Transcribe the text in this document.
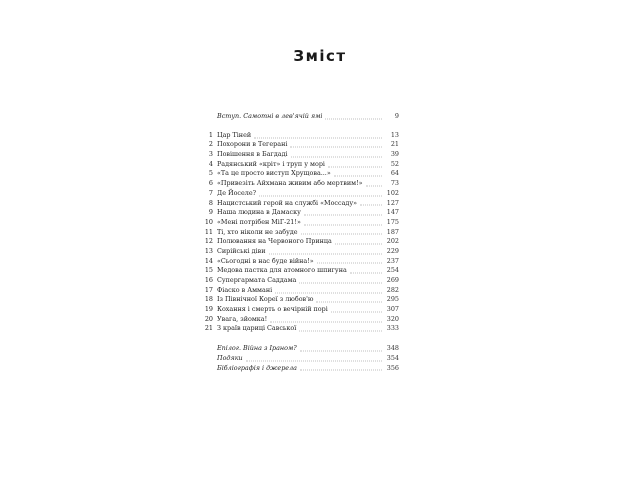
Зміст
Вступ. Самотні в лев'ячій ямі	9
1 Цар Тіней	13
2 Похорони в Тегерані	21
3 Повішення в Багдаді	39
4 Радянський «кріт» і труп у морі	52
5 «Та це просто виступ Хрущова...»	64
6 «Привезіть Айхмана живим або мертвим!»	73
7 Де Йоселе?	102
8 Нацистський герой на службі «Моссаду»	127
9 Наша людина в Дамаску	147
10 «Мені потрібен МіГ-21!»	175
11 Ті, хто ніколи не забуде	187
12 Полювання на Червоного Принца	202
13 Сирійські діви	229
14 «Сьогодні в нас буде війна!»	237
15 Медова пастка для атомного шпигуна	254
16 Супергармата Саддама	269
17 Фіаско в Аммані	282
18 Із Північної Кореї з любов'ю	295
19 Кохання і смерть о вечірній порі	307
20 Увага, зйомка!	320
21 З країв цариці Савської	333
Епілог. Війна з Іраном?	348
Подяки	354
Бібліографія і джерела	356
